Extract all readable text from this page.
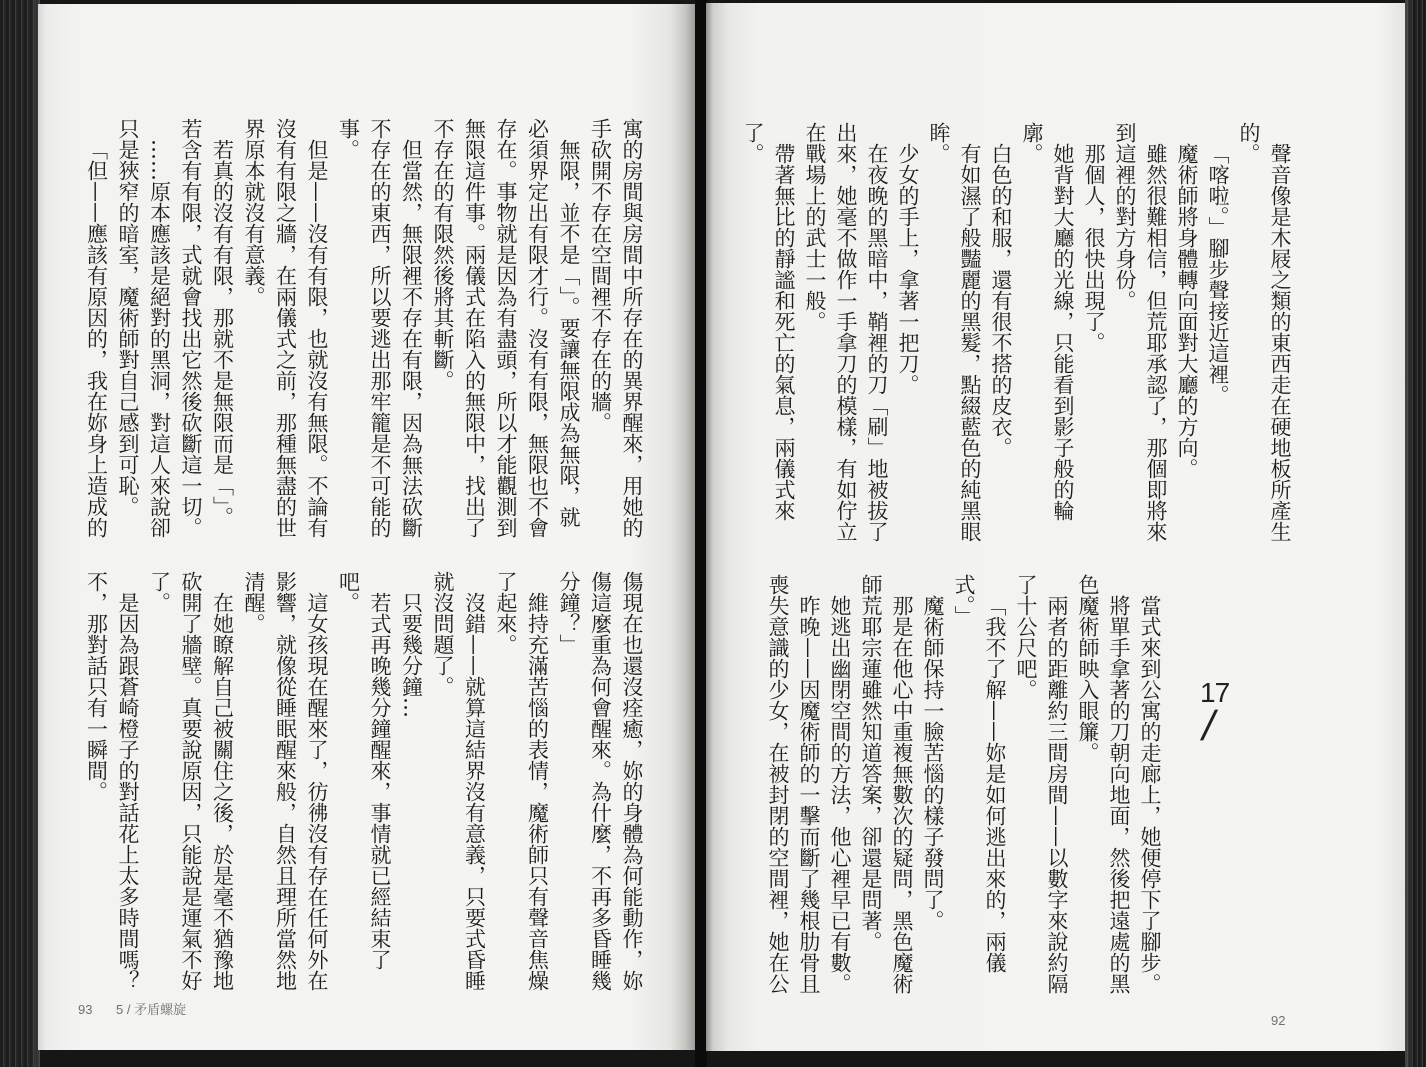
寓的房間與房間中所存在的異界醒來，用她的
手砍開不存在空間裡不存在的牆。
無限，並不是「」。要讓無限成為無限，就
必須界定出有限才行。沒有有限，無限也不會
存在。事物就是因為有盡頭，所以才能觀測到
無限這件事。兩儀式在陷入的無限中，找出了
不存在的有限然後將其斬斷。
但當然，無限裡不存在有限，因為無法砍斷
不存在的東西，所以要逃出那牢籠是不可能的
事。
但是——沒有有限，也就沒有無限。不論有
沒有有限之牆，在兩儀式之前，那種無盡的世
界原本就沒有意義。
若真的沒有有限，那就不是無限而是「」。
若含有有限，式就會找出它然後砍斷這一切。
……原本應該是絕對的黑洞，對這人來說卻
只是狹窄的暗室，魔術師對自己感到可恥。
「但——應該有原因的，我在妳身上造成的
傷現在也還沒痊癒，妳的身體為何能動作，妳
傷這麼重為何會醒來。為什麼，不再多昏睡幾
分鐘？」
維持充滿苦惱的表情，魔術師只有聲音焦燥
了起來。
沒錯——就算這結界沒有意義，只要式昏睡
就沒問題了。
只要幾分鐘…
若式再晚幾分鐘醒來，事情就已經結束了
吧。
這女孩現在醒來了，彷彿沒有存在任何外在
影響，就像從睡眠醒來般，自然且理所當然地
清醒。
在她瞭解自己被關住之後，於是毫不猶豫地
砍開了牆壁。真要說原因，只能說是運氣不好
了。
是因為跟蒼崎橙子的對話花上太多時間嗎？
不，那對話只有一瞬間。
93 5 / 矛盾螺旋
聲音像是木屐之類的東西走在硬地板所產生
的。
「喀啦。」腳步聲接近這裡。
魔術師將身體轉向面對大廳的方向。
雖然很難相信，但荒耶承認了，那個即將來
到這裡的對方身份。
那個人，很快出現了。
她背對大廳的光線，只能看到影子般的輪
廓。
白色的和服，還有很不搭的皮衣。
有如濕了般豔麗的黑髮，點綴藍色的純黑眼
眸。
少女的手上，拿著一把刀。
在夜晚的黑暗中，鞘裡的刀「刷」地被拔了
出來，她毫不做作一手拿刀的模樣，有如佇立
在戰場上的武士一般。
帶著無比的靜謐和死亡的氣息，兩儀式來
了。
17
/
當式來到公寓的走廊上，她便停下了腳步。
將單手拿著的刀朝向地面，然後把遠處的黑
色魔術師映入眼簾。
兩者的距離約三間房間——以數字來說約隔
了十公尺吧。
「我不了解——妳是如何逃出來的，兩儀
式。」
魔術師保持一臉苦惱的樣子發問了。
那是在他心中重複無數次的疑問，黑色魔術
師荒耶宗蓮雖然知道答案，卻還是問著。
她逃出幽閉空間的方法，他心裡早已有數。
昨晚——因魔術師的一擊而斷了幾根肋骨且
喪失意識的少女，在被封閉的空間裡，她在公
92
